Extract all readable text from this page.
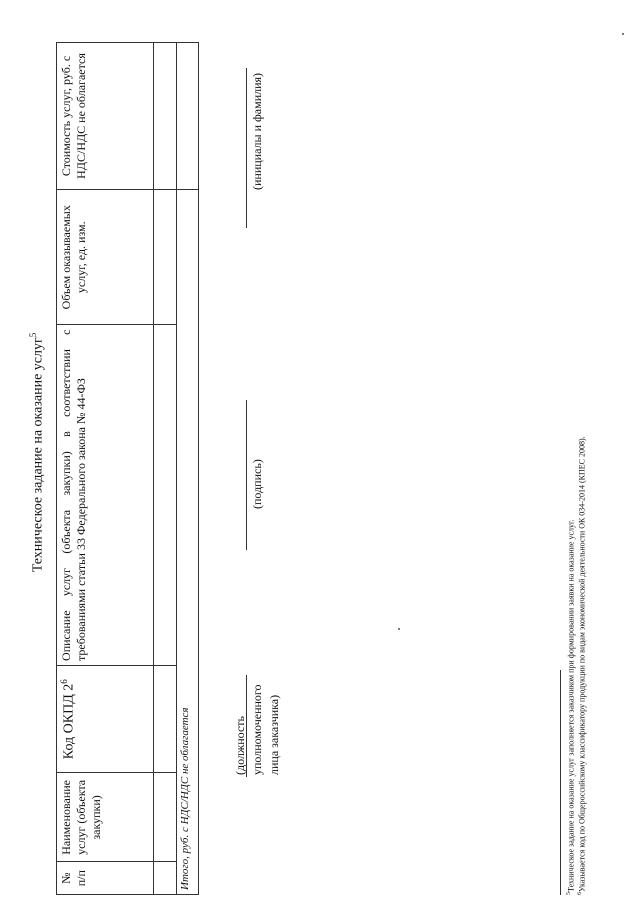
Техническое задание на оказание услуг$^5$
№ п/п	Наименование услуг (объекта закупки)	Код ОКПД $2^6$	Описание услуг (объекта закупки) в соответствии с требованиями статьи 33 Федерального закона № 44-ФЗ	Объем оказываемых услуг, ед. изм.	Стоимость услуг, руб. с НДС/НДС не облагается

Итого, руб. с НДС/НДС не облагается						(должность уполномоченного лица заказчика)
(подпись)
(инициалы и фамилия)
$^5$Техническое задание на оказание услуг заполняется заказчиком при формировании заявки на оказание услуг.
$^6$Указывается код по Общероссийскому классификатору продукции по видам экономической деятельности ОК 034-2014 (КПЕС 2008).
